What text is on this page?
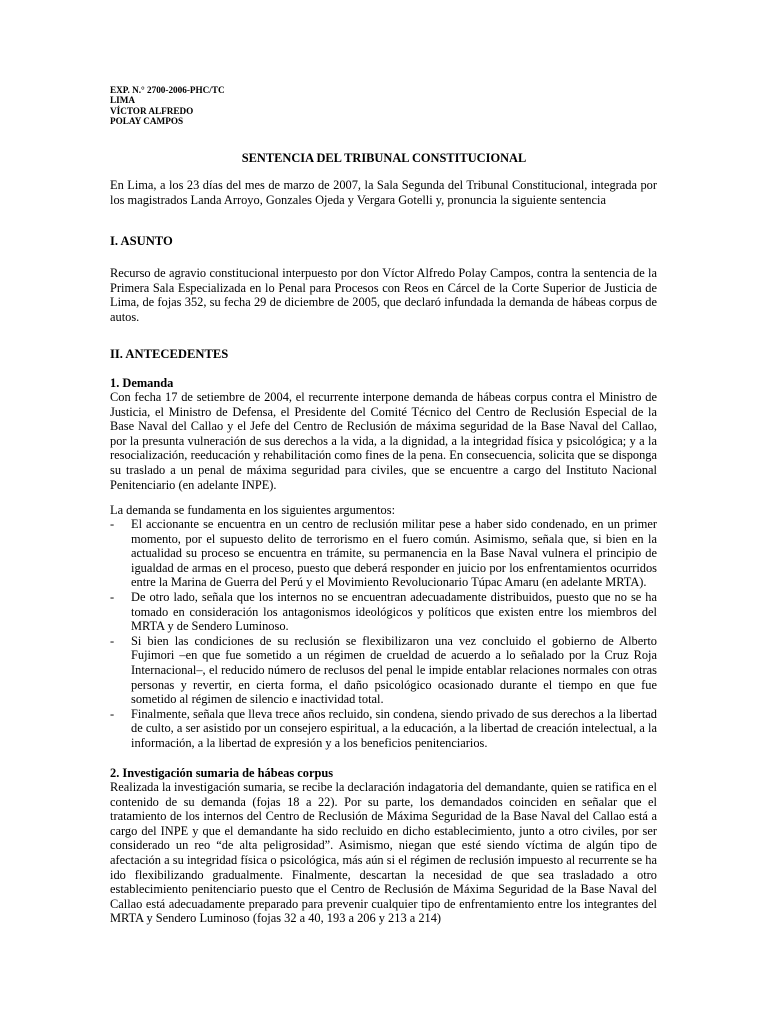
EXP. N.° 2700-2006-PHC/TC
LIMA
VÍCTOR ALFREDO
POLAY CAMPOS
SENTENCIA DEL TRIBUNAL CONSTITUCIONAL
En Lima, a los 23 días del mes de marzo de 2007, la Sala Segunda del Tribunal Constitucional, integrada por los magistrados Landa Arroyo, Gonzales Ojeda y Vergara Gotelli y, pronuncia la siguiente sentencia
I. ASUNTO
Recurso de agravio constitucional interpuesto por don Víctor Alfredo Polay Campos, contra la sentencia de la Primera Sala Especializada en lo Penal para Procesos con Reos en Cárcel de la Corte Superior de Justicia de Lima, de fojas 352, su fecha 29 de diciembre de 2005, que declaró infundada la demanda de hábeas corpus de autos.
II. ANTECEDENTES
1. Demanda
Con fecha 17 de setiembre de 2004, el recurrente interpone demanda de hábeas corpus contra el Ministro de Justicia, el Ministro de Defensa, el Presidente del Comité Técnico del Centro de Reclusión Especial de la Base Naval del Callao y el Jefe del Centro de Reclusión de máxima seguridad de la Base Naval del Callao, por la presunta vulneración de sus derechos a la vida, a la dignidad, a la integridad física y psicológica; y a la resocialización, reeducación y rehabilitación como fines de la pena. En consecuencia, solicita que se disponga su traslado a un penal de máxima seguridad para civiles, que se encuentre a cargo del Instituto Nacional Penitenciario (en adelante INPE).
La demanda se fundamenta en los siguientes argumentos:
- El accionante se encuentra en un centro de reclusión militar pese a haber sido condenado, en un primer momento, por el supuesto delito de terrorismo en el fuero común. Asimismo, señala que, si bien en la actualidad su proceso se encuentra en trámite, su permanencia en la Base Naval vulnera el principio de igualdad de armas en el proceso, puesto que deberá responder en juicio por los enfrentamientos ocurridos entre la Marina de Guerra del Perú y el Movimiento Revolucionario Túpac Amaru (en adelante MRTA).
- De otro lado, señala que los internos no se encuentran adecuadamente distribuidos, puesto que no se ha tomado en consideración los antagonismos ideológicos y políticos que existen entre los miembros del MRTA y de Sendero Luminoso.
- Si bien las condiciones de su reclusión se flexibilizaron una vez concluido el gobierno de Alberto Fujimori –en que fue sometido a un régimen de crueldad de acuerdo a lo señalado por la Cruz Roja Internacional–, el reducido número de reclusos del penal le impide entablar relaciones normales con otras personas y revertir, en cierta forma, el daño psicológico ocasionado durante el tiempo en que fue sometido al régimen de silencio e inactividad total.
- Finalmente, señala que lleva trece años recluido, sin condena, siendo privado de sus derechos a la libertad de culto, a ser asistido por un consejero espiritual, a la educación, a la libertad de creación intelectual, a la información, a la libertad de expresión y a los beneficios penitenciarios.
2. Investigación sumaria de hábeas corpus
Realizada la investigación sumaria, se recibe la declaración indagatoria del demandante, quien se ratifica en el contenido de su demanda (fojas 18 a 22). Por su parte, los demandados coinciden en señalar que el tratamiento de los internos del Centro de Reclusión de Máxima Seguridad de la Base Naval del Callao está a cargo del INPE y que el demandante ha sido recluido en dicho establecimiento, junto a otro civiles, por ser considerado un reo “de alta peligrosidad”. Asimismo, niegan que esté siendo víctima de algún tipo de afectación a su integridad física o psicológica, más aún si el régimen de reclusión impuesto al recurrente se ha ido flexibilizando gradualmente. Finalmente, descartan la necesidad de que sea trasladado a otro establecimiento penitenciario puesto que el Centro de Reclusión de Máxima Seguridad de la Base Naval del Callao está adecuadamente preparado para prevenir cualquier tipo de enfrentamiento entre los integrantes del MRTA y Sendero Luminoso (fojas 32 a 40, 193 a 206 y 213 a 214)
